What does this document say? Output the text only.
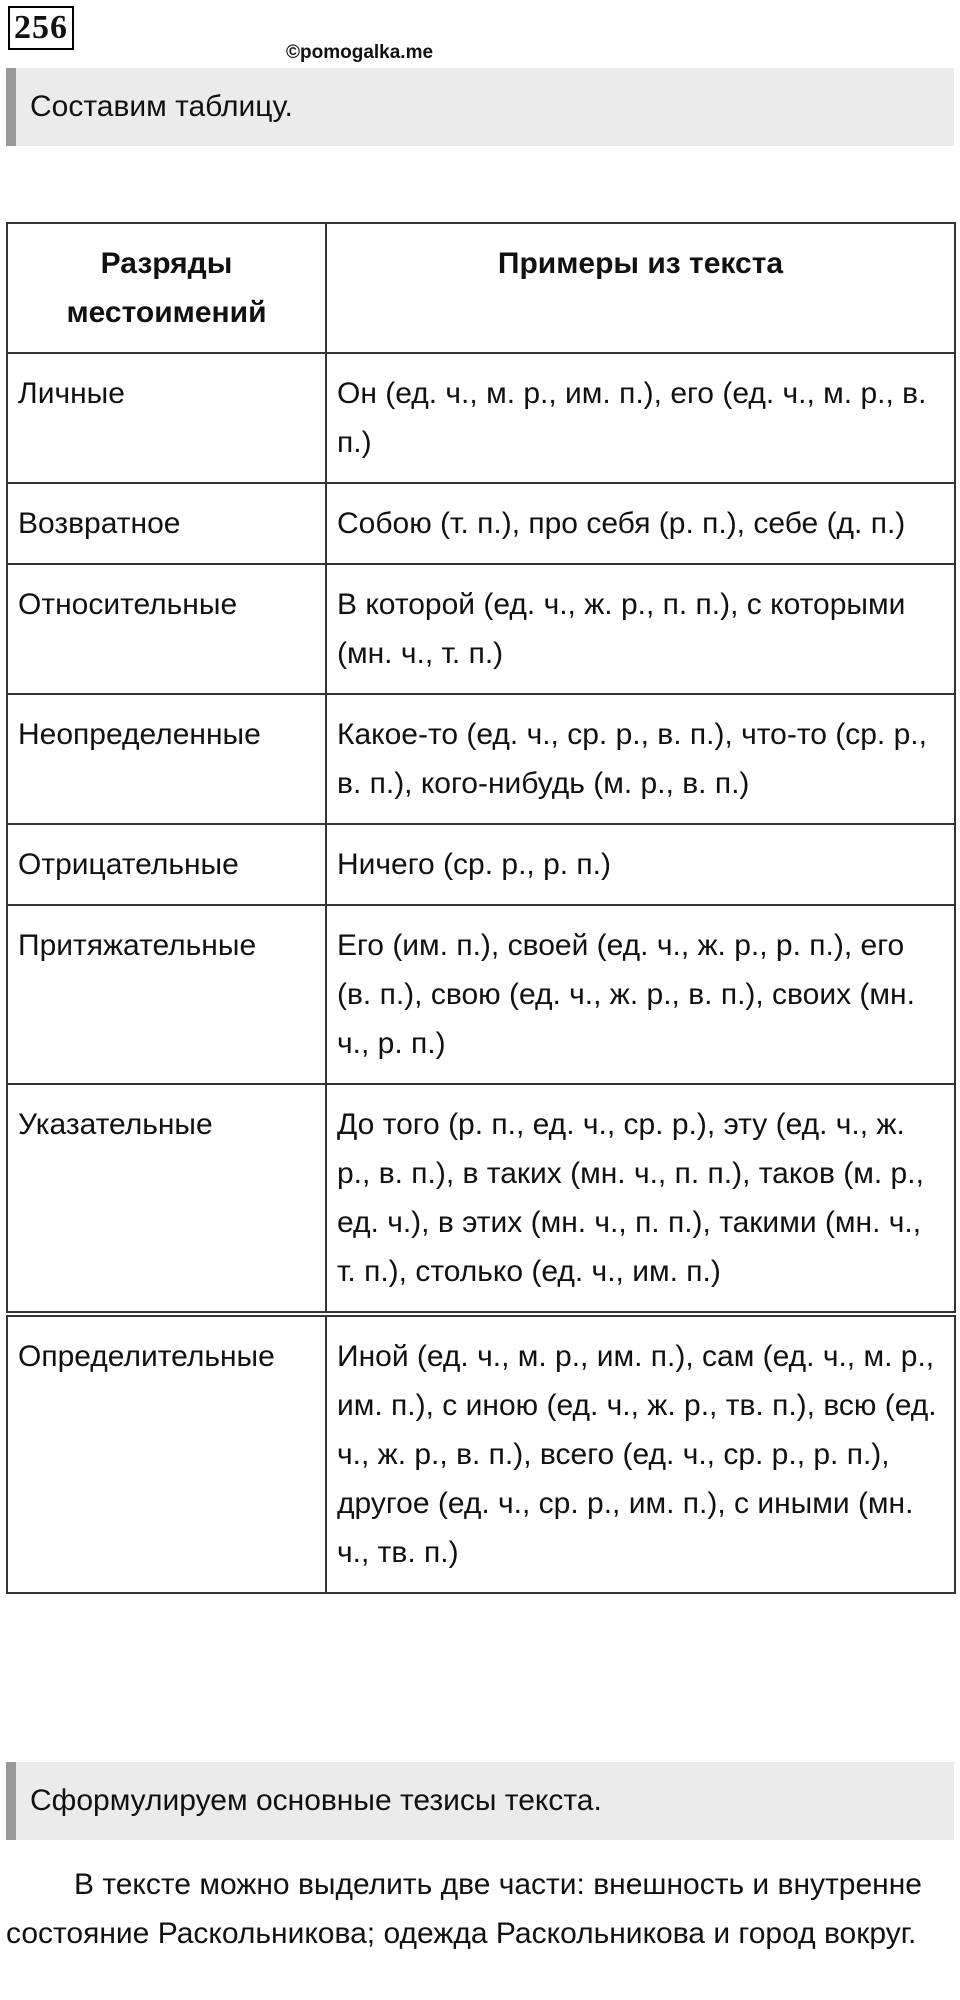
256
©pomogalka.me
Составим таблицу.
Разряды местоимений	Примеры из текста
Личные	Он (ед. ч., м. р., им. п.), его (ед. ч., м. р., в. п.)
Возвратное	Собою (т. п.), про себя (р. п.), себе (д. п.)
Относительные	В которой (ед. ч., ж. р., п. п.), с которыми (мн. ч., т. п.)
Неопределенные	Какое-то (ед. ч., ср. р., в. п.), что-то (ср. р., в. п.), кого-нибудь (м. р., в. п.)
Отрицательные	Ничего (ср. р., р. п.)
Притяжательные	Его (им. п.), своей (ед. ч., ж. р., р. п.), его (в. п.), свою (ед. ч., ж. р., в. п.), своих (мн. ч., р. п.)
Указательные	До того (р. п., ед. ч., ср. р.), эту (ед. ч., ж. р., в. п.), в таких (мн. ч., п. п.), таков (м. р., ед. ч.), в этих (мн. ч., п. п.), такими (мн. ч., т. п.), столько (ед. ч., им. п.)
Определительные	Иной (ед. ч., м. р., им. п.), сам (ед. ч., м. р., им. п.), с иною (ед. ч., ж. р., тв. п.), всю (ед. ч., ж. р., в. п.), всего (ед. ч., ср. р., р. п.), другое (ед. ч., ср. р., им. п.), с иными (мн. ч., тв. п.)
Сформулируем основные тезисы текста.

В тексте можно выделить две части: внешность и внутренне состояние Раскольникова; одежда Раскольникова и город вокруг.
